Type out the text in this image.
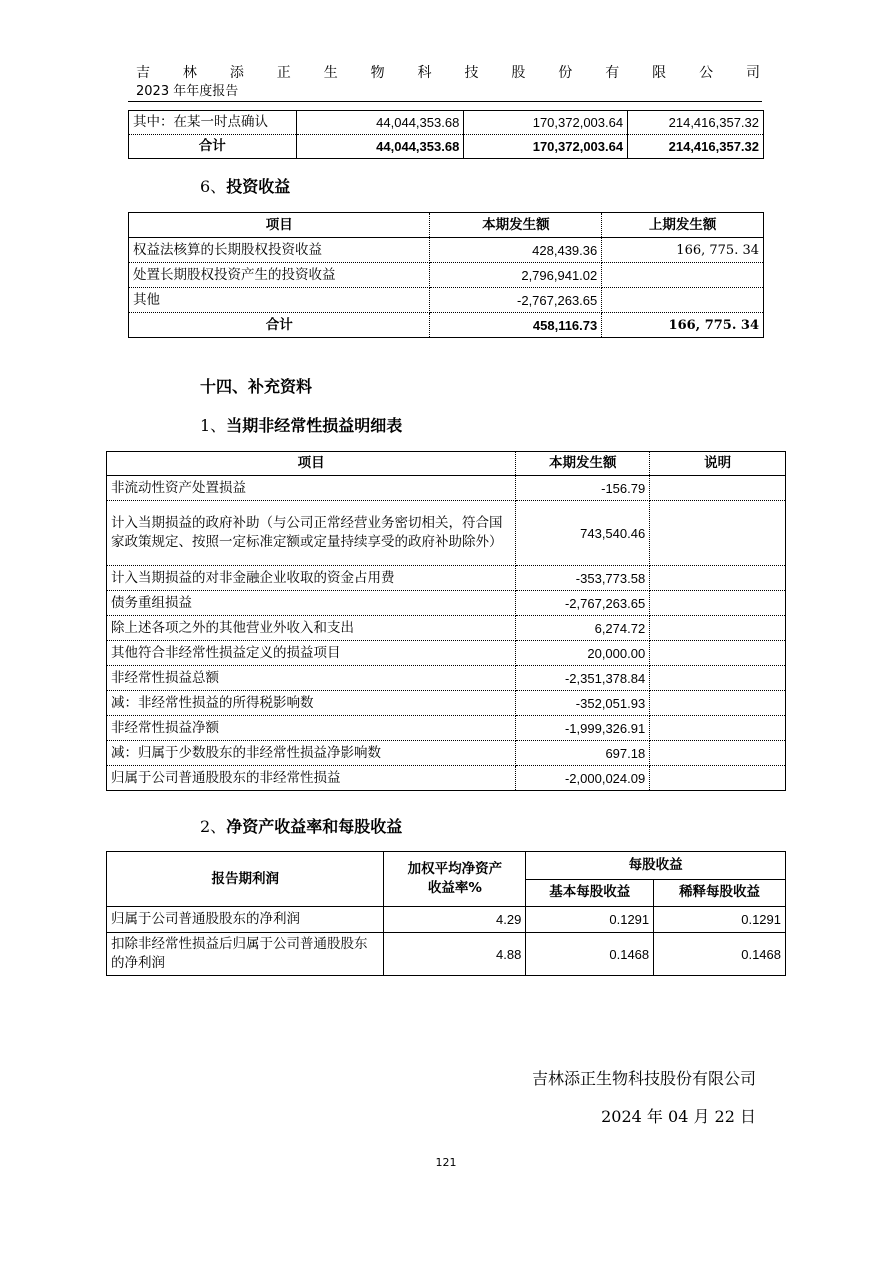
吉 林 添 正 生 物 科 技 股 份 有 限 公 司
2023 年年度报告
其中：在某一时点确认	44,044,353.68	170,372,003.64	214,416,357.32
合计	44,044,353.68	170,372,003.64	214,416,357.32
6、投资收益
项目	本期发生额	上期发生额
权益法核算的长期股权投资收益	428,439.36	166, 775. 34
处置长期股权投资产生的投资收益	2,796,941.02	
其他	-2,767,263.65	
合计	458,116.73	166, 775. 34
十四、补充资料
1、当期非经常性损益明细表
项目	本期发生额	说明
非流动性资产处置损益	-156.79	
计入当期损益的政府补助（与公司正常经营业务密切相关，符合国家政策规定、按照一定标准定额或定量持续享受的政府补助除外）	743,540.46	
计入当期损益的对非金融企业收取的资金占用费	-353,773.58	
债务重组损益	-2,767,263.65	
除上述各项之外的其他营业外收入和支出	6,274.72	
其他符合非经常性损益定义的损益项目	20,000.00	
非经常性损益总额	-2,351,378.84	
减：非经常性损益的所得税影响数	-352,051.93	
非经常性损益净额	-1,999,326.91	
减：归属于少数股东的非经常性损益净影响数	697.18	
归属于公司普通股股东的非经常性损益	-2,000,024.09	
2、净资产收益率和每股收益
报告期利润	加权平均净资产收益率%	每股收益	
		基本每股收益	稀释每股收益
归属于公司普通股股东的净利润	4.29	0.1291	0.1291
扣除非经常性损益后归属于公司普通股股东的净利润	4.88	0.1468	0.1468
吉林添正生物科技股份有限公司
2024 年 04 月 22 日
121
